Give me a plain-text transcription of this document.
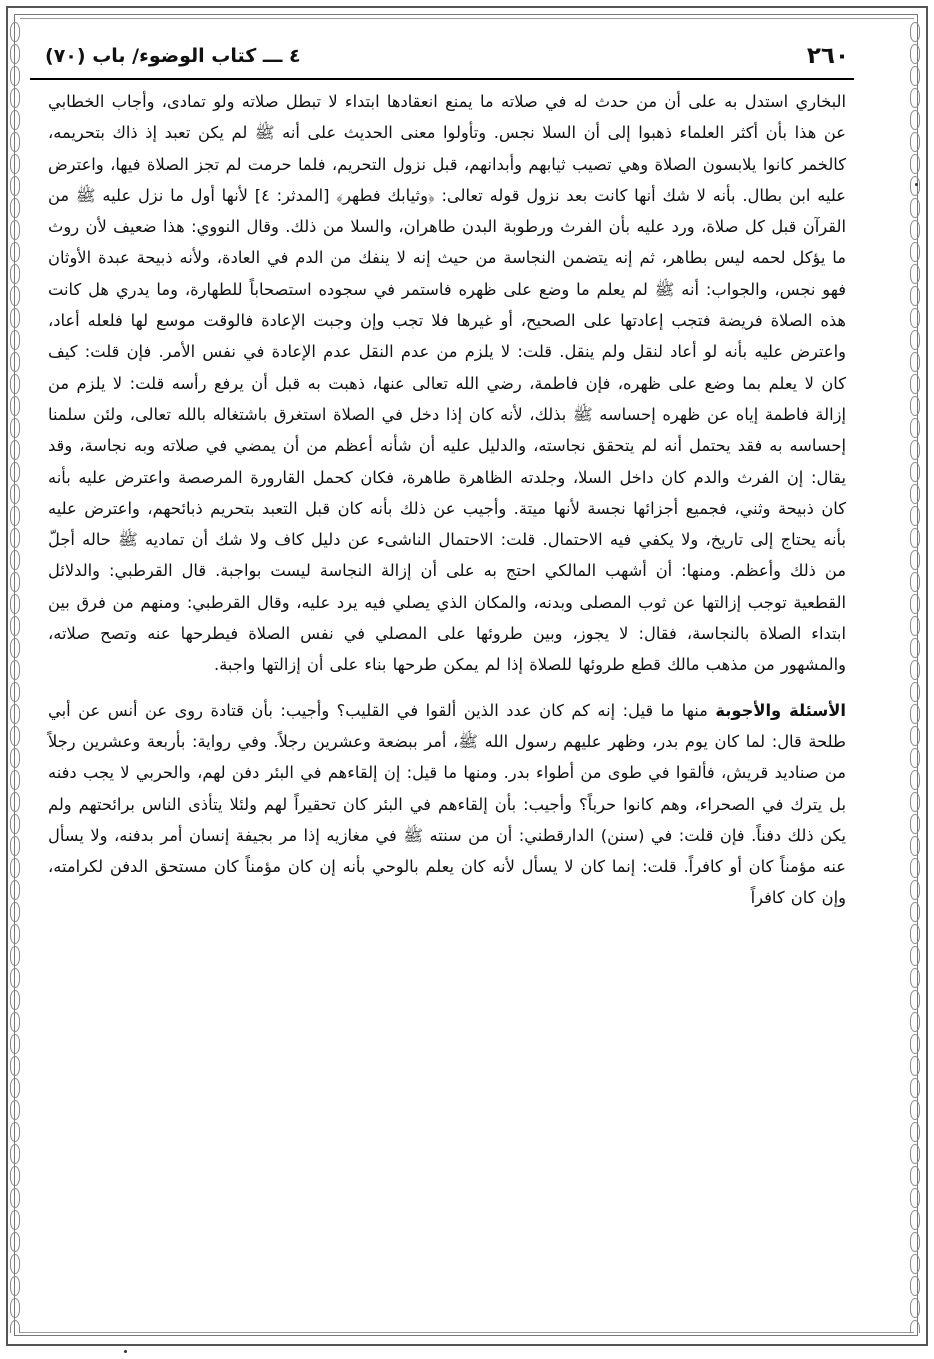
٤ ـــ كتاب الوضوء/ باب (٧٠)	٢٦٠

البخاري استدل به على أن من حدث له في صلاته ما يمنع انعقادها ابتداء لا تبطل صلاته ولو تمادى، وأجاب الخطابي عن هذا بأن أكثر العلماء ذهبوا إلى أن السلا نجس. وتأولوا معنى الحديث على أنه ﷺ لم يكن تعبد إذ ذاك بتحريمه، كالخمر كانوا يلابسون الصلاة وهي تصيب ثيابهم وأبدانهم، قبل نزول التحريم، فلما حرمت لم تجز الصلاة فيها، واعترض عليه ابن بطال. بأنه لا شك أنها كانت بعد نزول قوله تعالى: ﴿وثيابك فطهر﴾ [المدثر: ٤] لأنها أول ما نزل عليه ﷺ من القرآن قبل كل صلاة، ورد عليه بأن الفرث ورطوبة البدن طاهران، والسلا من ذلك. وقال النووي: هذا ضعيف لأن روث ما يؤكل لحمه ليس بطاهر، ثم إنه يتضمن النجاسة من حيث إنه لا ينفك من الدم في العادة، ولأنه ذبيحة عبدة الأوثان فهو نجس، والجواب: أنه ﷺ لم يعلم ما وضع على ظهره فاستمر في سجوده استصحاباً للطهارة، وما يدري هل كانت هذه الصلاة فريضة فتجب إعادتها على الصحيح، أو غيرها فلا تجب وإن وجبت الإعادة فالوقت موسع لها فلعله أعاد، واعترض عليه بأنه لو أعاد لنقل ولم ينقل. قلت: لا يلزم من عدم النقل عدم الإعادة في نفس الأمر. فإن قلت: كيف كان لا يعلم بما وضع على ظهره، فإن فاطمة، رضي الله تعالى عنها، ذهبت به قبل أن يرفع رأسه قلت: لا يلزم من إزالة فاطمة إياه عن ظهره إحساسه ﷺ بذلك، لأنه كان إذا دخل في الصلاة استغرق باشتغاله بالله تعالى، ولئن سلمنا إحساسه به فقد يحتمل أنه لم يتحقق نجاسته، والدليل عليه أن شأنه أعظم من أن يمضي في صلاته وبه نجاسة، وقد يقال: إن الفرث والدم كان داخل السلا، وجلدته الظاهرة طاهرة، فكان كحمل القارورة المرصصة واعترض عليه بأنه كان ذبيحة وثني، فجميع أجزائها نجسة لأنها ميتة. وأجيب عن ذلك بأنه كان قبل التعبد بتحريم ذبائحهم، واعترض عليه بأنه يحتاج إلى تاريخ، ولا يكفي فيه الاحتمال. قلت: الاحتمال الناشىء عن دليل كاف ولا شك أن تماديه ﷺ حاله أجلّ من ذلك وأعظم. ومنها: أن أشهب المالكي احتج به على أن إزالة النجاسة ليست بواجبة. قال القرطبي: والدلائل القطعية توجب إزالتها عن ثوب المصلى وبدنه، والمكان الذي يصلي فيه يرد عليه، وقال القرطبي: ومنهم من فرق بين ابتداء الصلاة بالنجاسة، فقال: لا يجوز، وبين طروئها على المصلي في نفس الصلاة فيطرحها عنه وتصح صلاته، والمشهور من مذهب مالك قطع طروئها للصلاة إذا لم يمكن طرحها بناء على أن إزالتها واجبة.

الأسئلة والأجوبة منها ما قيل: إنه كم كان عدد الذين ألقوا في القليب؟ وأجيب: بأن قتادة روى عن أنس عن أبي طلحة قال: لما كان يوم بدر، وظهر عليهم رسول الله ﷺ، أمر ببضعة وعشرين رجلاً. وفي رواية: بأربعة وعشرين رجلاً من صناديد قريش، فألقوا في طوى من أطواء بدر. ومنها ما قيل: إن إلقاءهم في البئر دفن لهم، والحربي لا يجب دفنه بل يترك في الصحراء، وهم كانوا حرباً؟ وأجيب: بأن إلقاءهم في البئر كان تحقيراً لهم ولئلا يتأذى الناس برائحتهم ولم يكن ذلك دفناً. فإن قلت: في (سنن) الدارقطني: أن من سنته ﷺ في مغازيه إذا مر بجيفة إنسان أمر بدفنه، ولا يسأل عنه مؤمناً كان أو كافراً. قلت: إنما كان لا يسأل لأنه كان يعلم بالوحي بأنه إن كان مؤمناً كان مستحق الدفن لكرامته، وإن كان كافراً
